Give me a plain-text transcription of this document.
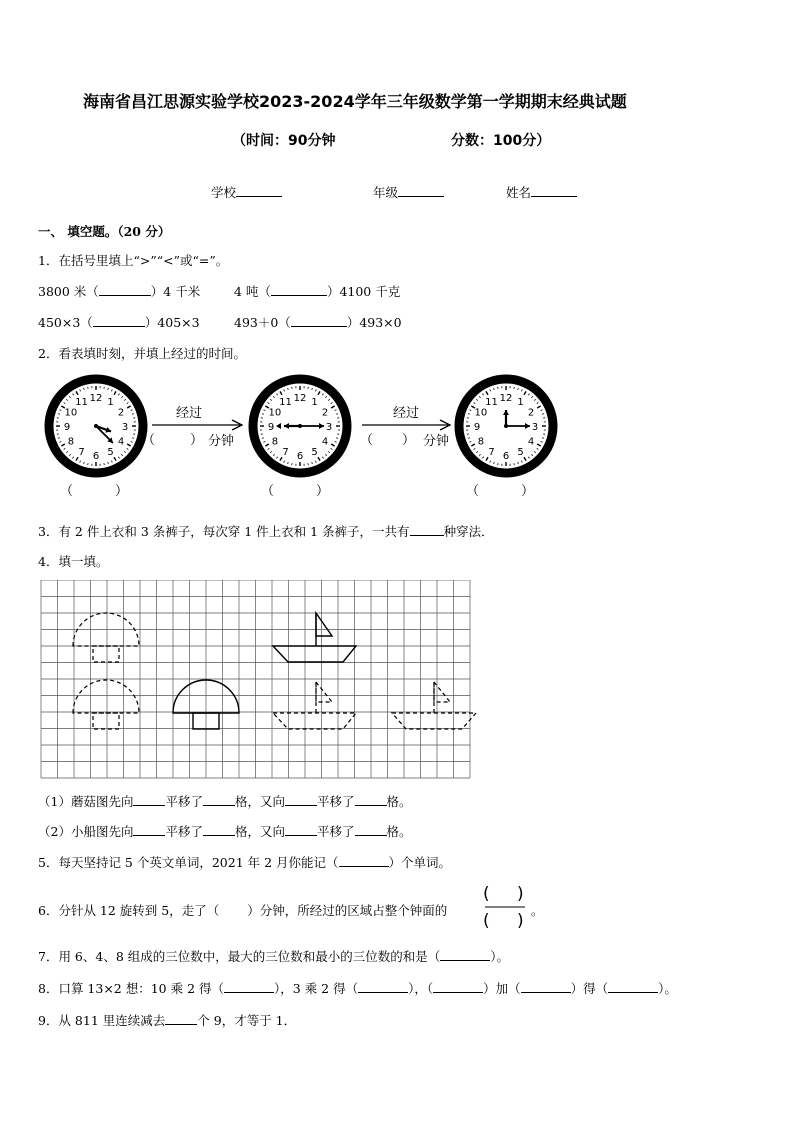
海南省昌江思源实验学校2023-2024学年三年级数学第一学期期末经典试题
（时间：90分钟	分数：100分）
学校	年级	姓名
一、 填空题。（20 分）
1．在括号里填上“>”“<”或“=”。
3800 米（	）4 千米	4 吨（	）4100 千克
450×3（	）405×3	493＋0（	）493×0
2．看表填时刻，并填上经过的时间。
12 1
2
3
4
5
6
7
8
9
10
11	12 1
2
3
4
5
6
7
8
9
10
11	12 1
2
3
4
5
6
7
8
9
10
11
经过	经过
（	） 分钟	（ ） 分钟
（	）	（	）	（	）
3．有 2 件上衣和 3 条裤子，每次穿 1 件上衣和 1 条裤子，一共有	种穿法．
4．填一填。
（1）蘑菇图先向	平移了	格，又向	平移了	格。
（2）小船图先向	平移了	格，又向	平移了	格。
5．每天坚持记 5 个英文单词，2021 年 2 月你能记（	）个单词。
6．分针从 12 旋转到 5，走了（ ）分钟，所经过的区域占整个钟面的
( )
( )
。
7．用 6、4、8 组成的三位数中，最大的三位数和最小的三位数的和是（	）。
8．口算 13×2 想：10 乘 2 得（	），3 乘 2 得（	），（	）加（	）得（	）。
9．从 811 里连续减去	个 9，才等于 1．
